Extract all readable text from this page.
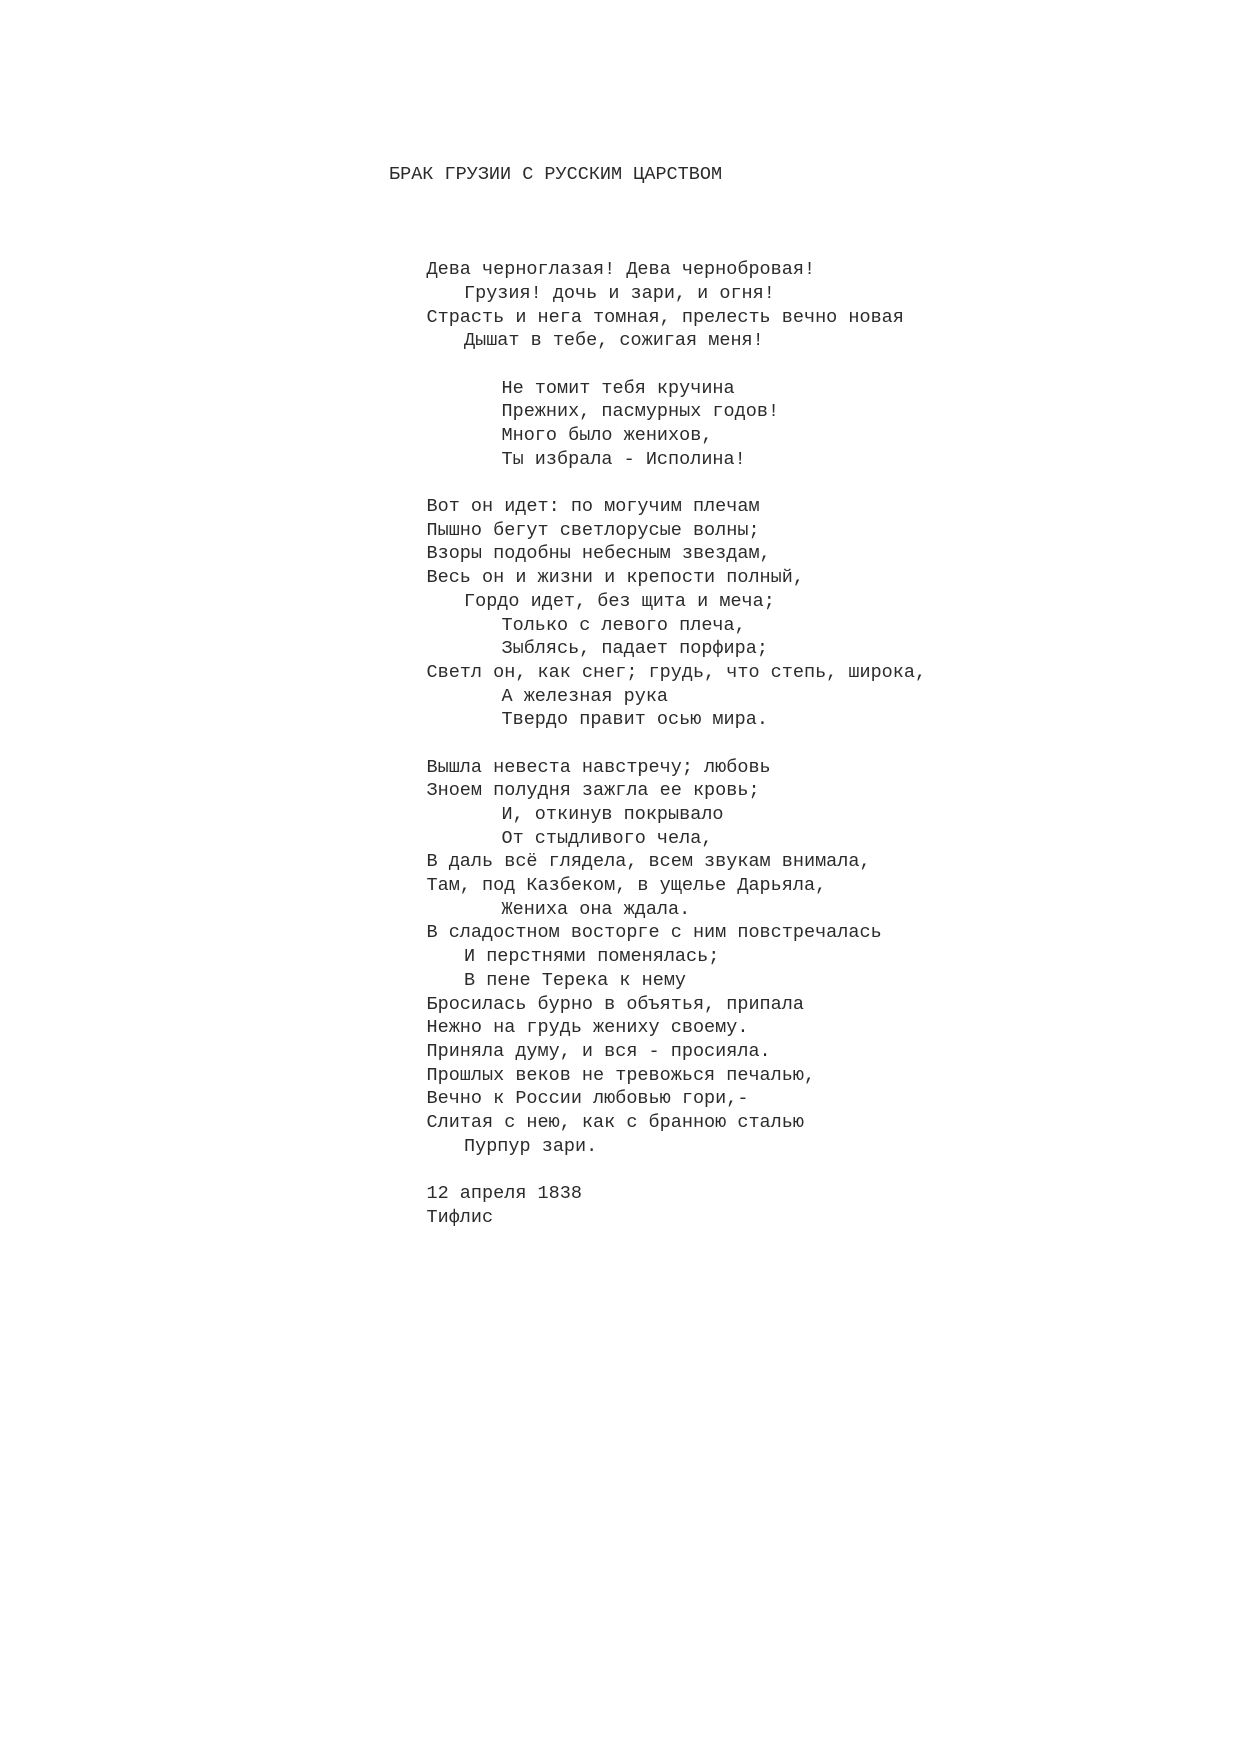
БРАК ГРУЗИИ С РУССКИМ ЦАРСТВОМ

Дева черноглазая! Дева чернобровая!
Грузия! дочь и зари, и огня!
Страсть и нега томная, прелесть вечно новая
Дышат в тебе, сожигая меня!
Не томит тебя кручина
Прежних, пасмурных годов!
Много было женихов,
Ты избрала - Исполина!
Вот он идет: по могучим плечам
Пышно бегут светлорусые волны;
Взоры подобны небесным звездам,
Весь он и жизни и крепости полный,
Гордо идет, без щита и меча;
Только с левого плеча,
Зыблясь, падает порфира;
Светл он, как снег; грудь, что степь, широка,
А железная рука
Твердо правит осью мира.
Вышла невеста навстречу; любовь
Зноем полудня зажгла ее кровь;
И, откинув покрывало
От стыдливого чела,
В даль всё глядела, всем звукам внимала,
Там, под Казбеком, в ущелье Дарьяла,
Жениха она ждала.
В сладостном восторге с ним повстречалась
И перстнями поменялась;
В пене Терека к нему
Бросилась бурно в объятья, припала
Нежно на грудь жениху своему.
Приняла думу, и вся - просияла.
Прошлых веков не тревожься печалью,
Вечно к России любовью гори,-
Слитая с нею, как с бранною сталью
Пурпур зари.
12 апреля 1838
Тифлис
